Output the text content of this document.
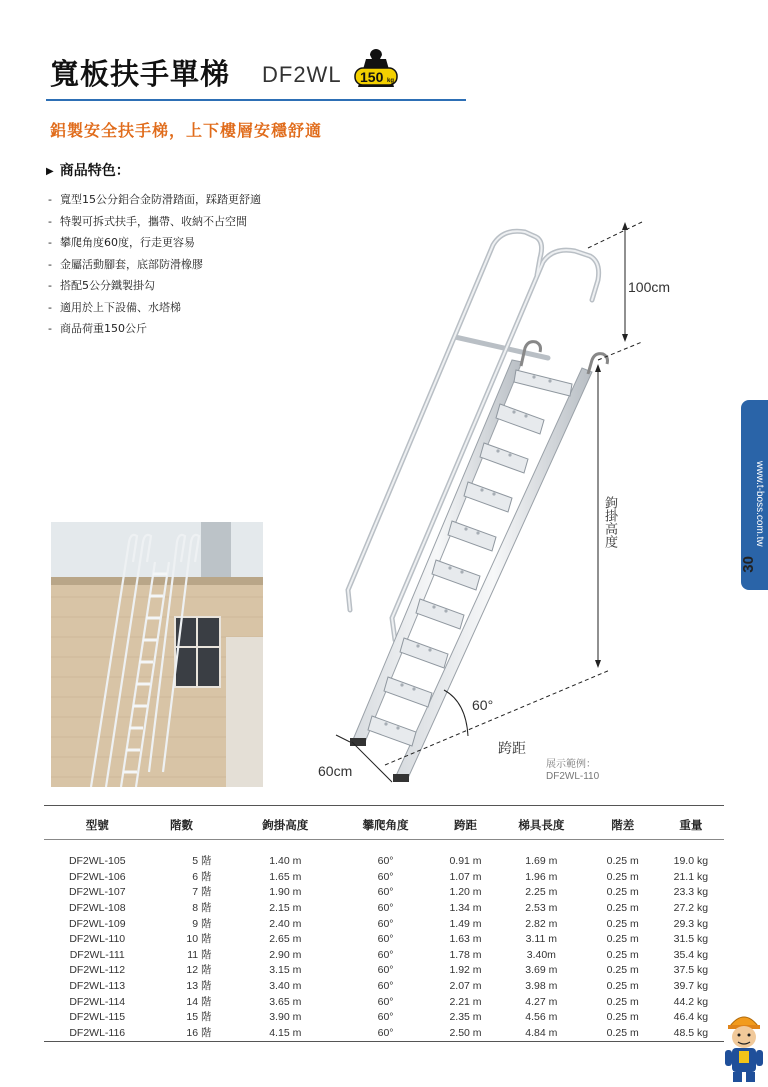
寬板扶手單梯 DF2WL 150 kg
鋁製安全扶手梯，上下樓層安穩舒適
▶ 商品特色：
- 寬型15公分鋁合金防滑踏面，踩踏更舒適
- 特製可拆式扶手，攜帶、收納不占空間
- 攀爬角度60度，行走更容易
- 金屬活動腳套，底部防滑橡膠
- 搭配5公分鐵製掛勾
- 適用於上下設備、水塔梯
- 商品荷重150公斤
100cm
鉤掛高度
60°
跨距
60cm	展示範例：
DF2WL-110
www.t-boss.com.tw
30
型號	階數	鉤掛高度	攀爬角度	跨距	梯具長度	階差	重量

DF2WL-105	5 階	1.40 m	60°	0.91 m	1.69 m	0.25 m	19.0 kg
DF2WL-106	6 階	1.65 m	60°	1.07 m	1.96 m	0.25 m	21.1 kg
DF2WL-107	7 階	1.90 m	60°	1.20 m	2.25 m	0.25 m	23.3 kg
DF2WL-108	8 階	2.15 m	60°	1.34 m	2.53 m	0.25 m	27.2 kg
DF2WL-109	9 階	2.40 m	60°	1.49 m	2.82 m	0.25 m	29.3 kg
DF2WL-110	10 階	2.65 m	60°	1.63 m	3.11 m	0.25 m	31.5 kg
DF2WL-111	11 階	2.90 m	60°	1.78 m	3.40m	0.25 m	35.4 kg
DF2WL-112	12 階	3.15 m	60°	1.92 m	3.69 m	0.25 m	37.5 kg
DF2WL-113	13 階	3.40 m	60°	2.07 m	3.98 m	0.25 m	39.7 kg
DF2WL-114	14 階	3.65 m	60°	2.21 m	4.27 m	0.25 m	44.2 kg
DF2WL-115	15 階	3.90 m	60°	2.35 m	4.56 m	0.25 m	46.4 kg
DF2WL-116	16 階	4.15 m	60°	2.50 m	4.84 m	0.25 m	48.5 kg
